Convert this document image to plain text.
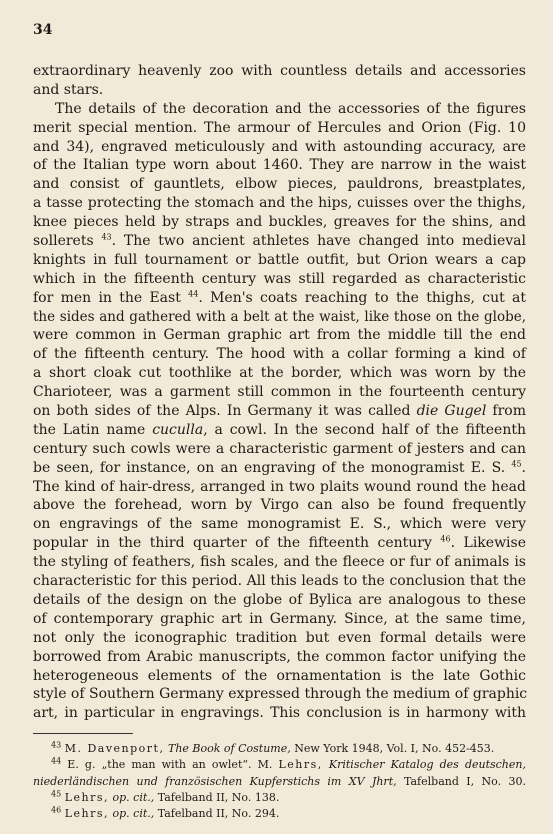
34
extraordinary heavenly zoo with countless details and accessories
and stars.
The details of the decoration and the accessories of the figures
merit special mention. The armour of Hercules and Orion (Fig. 10
and 34), engraved meticulously and with astounding accuracy, are
of the Italian type worn about 1460. They are narrow in the waist
and consist of gauntlets, elbow pieces, pauldrons, breastplates,
a tasse protecting the stomach and the hips, cuisses over the thighs,
knee pieces held by straps and buckles, greaves for the shins, and
sollerets $^{43}$. The two ancient athletes have changed into medieval
knights in full tournament or battle outfit, but Orion wears a cap
which in the fifteenth century was still regarded as characteristic
for men in the East $^{44}$. Men's coats reaching to the thighs, cut at
the sides and gathered with a belt at the waist, like those on the globe,
were common in German graphic art from the middle till the end
of the fifteenth century. The hood with a collar forming a kind of
a short cloak cut toothlike at the border, which was worn by the
Charioteer, was a garment still common in the fourteenth century
on both sides of the Alps. In Germany it was called die Gugel from
the Latin name cuculla, a cowl. In the second half of the fifteenth
century such cowls were a characteristic garment of jesters and can
be seen, for instance, on an engraving of the monogramist E. S. $^{45}$.
The kind of hair-dress, arranged in two plaits wound round the head
above the forehead, worn by Virgo can also be found frequently
on engravings of the same monogramist E. S., which were very
popular in the third quarter of the fifteenth century $^{46}$. Likewise
the styling of feathers, fish scales, and the fleece or fur of animals is
characteristic for this period. All this leads to the conclusion that the
details of the design on the globe of Bylica are analogous to these
of contemporary graphic art in Germany. Since, at the same time,
not only the iconographic tradition but even formal details were
borrowed from Arabic manuscripts, the common factor unifying the
heterogeneous elements of the ornamentation is the late Gothic
style of Southern Germany expressed through the medium of graphic
art, in particular in engravings. This conclusion is in harmony with
$^{43}$ M. Davenport, The Book of Costume, New York 1948, Vol. I, No. 452-453.
$^{44}$ E. g. „the man with an owlet“. M. Lehrs, Kritischer Katalog des deutschen,
niederländischen und französischen Kupferstichs im XV Jhrt, Tafelband I, No. 30.
$^{45}$ Lehrs, op. cit., Tafelband II, No. 138.
$^{46}$ Lehrs, op. cit., Tafelband II, No. 294.
